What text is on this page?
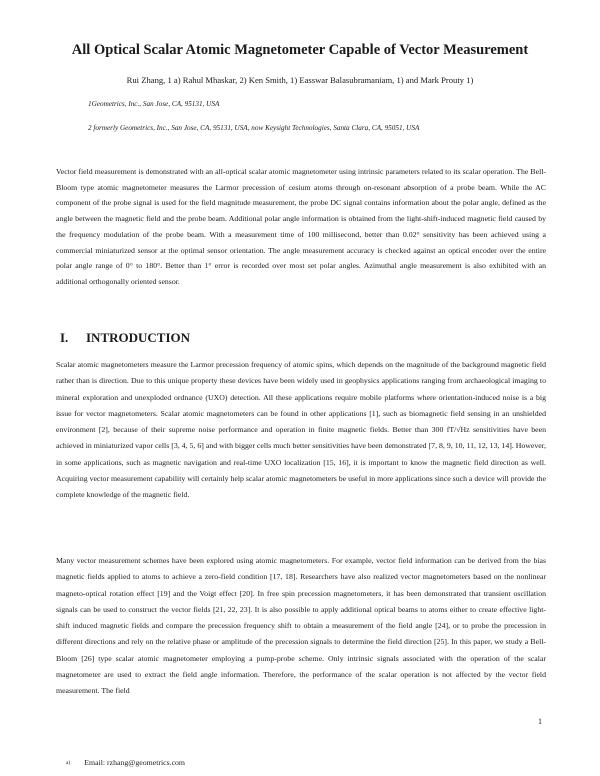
All Optical Scalar Atomic Magnetometer Capable of Vector Measurement
Rui Zhang, 1 a) Rahul Mhaskar, 2) Ken Smith, 1) Easswar Balasubramaniam, 1) and Mark Prouty 1)
1Geometrics, Inc., San Jose, CA, 95131, USA
2 formerly Geometrics, Inc., San Jose, CA, 95131, USA, now Keysight Technologies, Santa Clara, CA, 95051, USA
Vector field measurement is demonstrated with an all-optical scalar atomic magnetometer using intrinsic parameters related to its scalar operation. The Bell-Bloom type atomic magnetometer measures the Larmor precession of cesium atoms through on-resonant absorption of a probe beam. While the AC component of the probe signal is used for the field magnitude measurement, the probe DC signal contains information about the polar angle, defined as the angle between the magnetic field and the probe beam. Additional polar angle information is obtained from the light-shift-induced magnetic field caused by the frequency modulation of the probe beam. With a measurement time of 100 millisecond, better than 0.02° sensitivity has been achieved using a commercial miniaturized sensor at the optimal sensor orientation. The angle measurement accuracy is checked against an optical encoder over the entire polar angle range of 0° to 180°. Better than 1° error is recorded over most set polar angles. Azimuthal angle measurement is also exhibited with an additional orthogonally oriented sensor.
I. INTRODUCTION
Scalar atomic magnetometers measure the Larmor precession frequency of atomic spins, which depends on the magnitude of the background magnetic field rather than is direction. Due to this unique property these devices have been widely used in geophysics applications ranging from archaeological imaging to mineral exploration and unexploded ordnance (UXO) detection. All these applications require mobile platforms where orientation-induced noise is a big issue for vector magnetometers. Scalar atomic magnetometers can be found in other applications [1], such as biomagnetic field sensing in an unshielded environment [2], because of their supreme noise performance and operation in finite magnetic fields. Better than 300 fT/√Hz sensitivities have been achieved in miniaturized vapor cells [3, 4, 5, 6] and with bigger cells much better sensitivities have been demonstrated [7, 8, 9, 10, 11, 12, 13, 14]. However, in some applications, such as magnetic navigation and real-time UXO localization [15, 16], it is important to know the magnetic field direction as well. Acquiring vector measurement capability will certainly help scalar atomic magnetometers be useful in more applications since such a device will provide the complete knowledge of the magnetic field.
Many vector measurement schemes have been explored using atomic magnetometers. For example, vector field information can be derived from the bias magnetic fields applied to atoms to achieve a zero-field condition [17, 18]. Researchers have also realized vector magnetometers based on the nonlinear magneto-optical rotation effect [19] and the Voigt effect [20]. In free spin precession magnetometers, it has been demonstrated that transient oscillation signals can be used to construct the vector fields [21, 22, 23]. It is also possible to apply additional optical beams to atoms either to create effective light-shift induced magnetic fields and compare the precession frequency shift to obtain a measurement of the field angle [24], or to probe the precession in different directions and rely on the relative phase or amplitude of the precession signals to determine the field direction [25]. In this paper, we study a Bell-Bloom [26] type scalar atomic magnetometer employing a pump-probe scheme. Only intrinsic signals associated with the operation of the scalar magnetometer are used to extract the field angle information. Therefore, the performance of the scalar operation is not affected by the vector field measurement. The field
1
a) Email: rzhang@geometrics.com
